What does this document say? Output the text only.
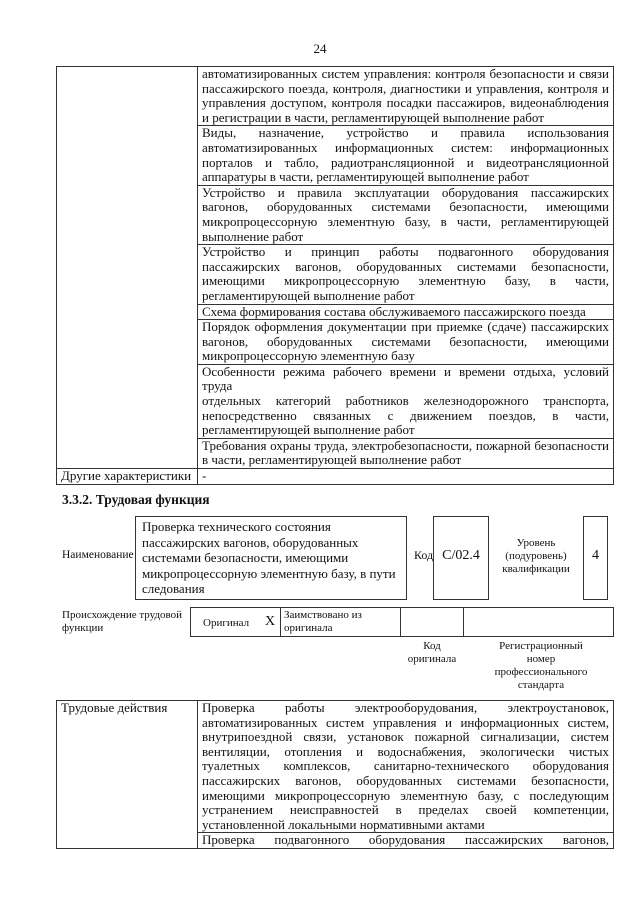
24

	автоматизированных систем управления: контроля безопасности и связи
пассажирского поезда, контроля, диагностики и управления, контроля и
управления доступом, контроля посадки пассажиров, видеонаблюдения
и регистрации в части, регламентирующей выполнение работ

	Виды, назначение, устройство и правила использования
автоматизированных информационных систем: информационных
порталов и табло, радиотрансляционной и видеотрансляционной
аппаратуры в части, регламентирующей выполнение работ

	Устройство и правила эксплуатации оборудования пассажирских
вагонов, оборудованных системами безопасности, имеющими
микропроцессорную элементную базу, в части, регламентирующей
выполнение работ

	Устройство и принцип работы подвагонного оборудования
пассажирских вагонов, оборудованных системами безопасности,
имеющими микропроцессорную элементную базу, в части,
регламентирующей выполнение работ

	Схема формирования состава обслуживаемого пассажирского поезда

	Порядок оформления документации при приемке (сдаче) пассажирских
вагонов, оборудованных системами безопасности, имеющими
микропроцессорную элементную базу

	Особенности режима рабочего времени и времени отдыха, условий труда
отдельных категорий работников железнодорожного транспорта,
непосредственно связанных с движением поездов, в части,
регламентирующей выполнение работ

	Требования охраны труда, электробезопасности, пожарной безопасности
в части, регламентирующей выполнение работ

Другие характеристики	-
3.3.2. Трудовая функция
Наименование
Проверка технического состояния
пассажирских вагонов, оборудованных
системами безопасности, имеющими
микропроцессорную элементную базу, в пути
следования
Код C/02.4
Уровень
(подуровень)
квалификации
4
Происхождение трудовой
функции	Оригинал X Заимствовано из
оригинала
Код
оригинала
Регистрационный
номер
профессионального
стандарта
Трудовые действия	Проверка работы электрооборудования, электроустановок,
автоматизированных систем управления и информационных систем,
внутрипоездной связи, установок пожарной сигнализации, систем
вентиляции, отопления и водоснабжения, экологически чистых
туалетных комплексов, санитарно-технического оборудования
пассажирских вагонов, оборудованных системами безопасности,
имеющими микропроцессорную элементную базу, с последующим
устранением неисправностей в пределах своей компетенции,
установленной локальными нормативными актами

Проверка подвагонного оборудования пассажирских вагонов,
